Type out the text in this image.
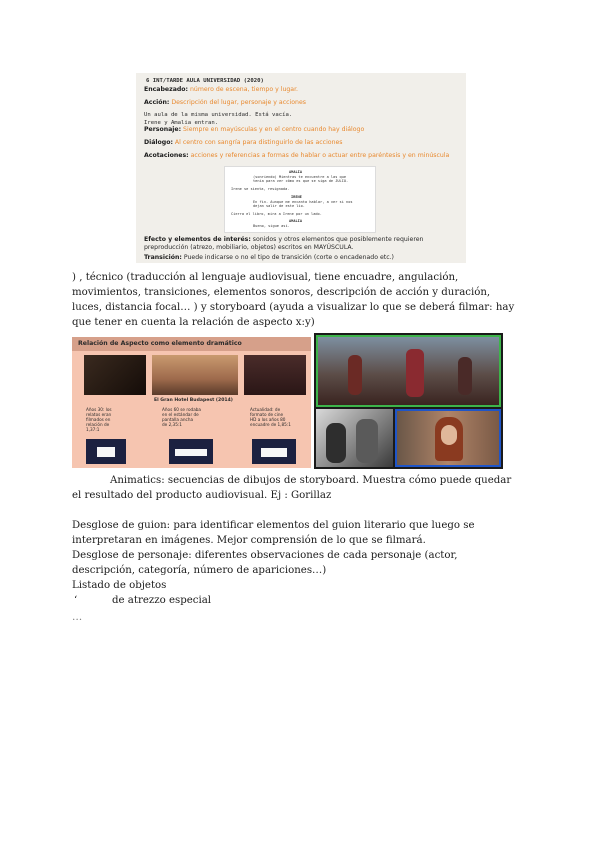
6 INT/TARDE AULA UNIVERSIDAD (2020)
Encabezado: número de escena, tiempo y lugar.
Acción: Descripción del lugar, personaje y acciones
Un aula de la misma universidad. Está vacía. Irene y Amalia entran.
Personaje: Siempre en mayúsculas y en el centro cuando hay diálogo
Diálogo: Al centro con sangría para distinguirlo de las acciones
Acotaciones: acciones y referencias a formas de hablar o actuar entre paréntesis y en minúscula
AMALIA
(sonriendo) Mientras te encuentre a las que
tenía para ver cómo es que se siga de JULIO.
Irene se sienta, resignada.
IRENE
En fin. Aunque me encanta hablar, a ver si nos
dejan salir de este lío.
Cierra el libro, mira a Irene por un lado.
AMALIA
Bueno, sigue así.
Efecto y elementos de interés: sonidos y otros elementos que posiblemente requieren preproducción (atrezo, mobiliario, objetos) escritos en MAYÚSCULA.
Transición: Puede indicarse o no el tipo de transición (corte o encadenado etc.)
) , técnico (traducción al lenguaje audiovisual, tiene encuadre, angulación, movimientos, transiciones, elementos sonoros, descripción de acción y duración, luces, distancia focal… ) y storyboard (ayuda a visualizar lo que se deberá filmar: hay que tener en cuenta la relación de aspecto x:y)
Relación de Aspecto como elemento dramático
El Gran Hotel Budapest (2014)
Años 30: los
relatos eran
filmados en
relación de
1,37:1
Años 60 se rodaba
en el estándar de
pantalla ancha
de 2,35:1
Actualidad: de
formato de cine
HD a los años 80
encuadre de 1,85:1
Animatics: secuencias de dibujos de storyboard. Muestra cómo puede quedar el resultado del producto audiovisual. Ej : Gorillaz
Desglose de guion: para identificar elementos del guion literario que luego se interpretaran en imágenes. Mejor comprensión de lo que se filmará.
Desglose de personaje: diferentes observaciones de cada personaje (actor, descripción, categoría, número de apariciones…)
Listado de objetos
‘	de atrezzo especial
…
